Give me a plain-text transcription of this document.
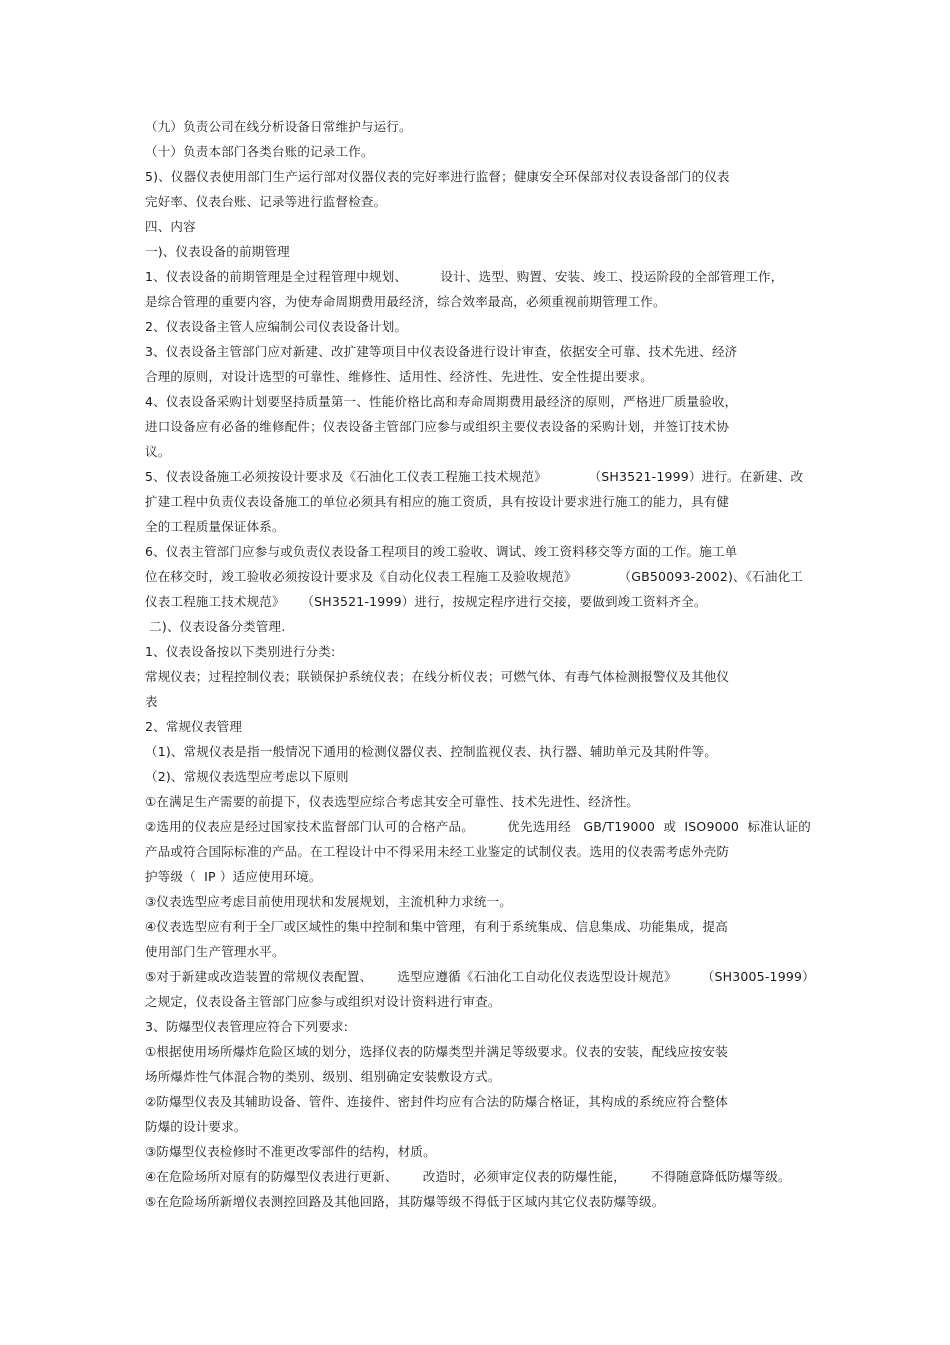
（九）负责公司在线分析设备日常维护与运行。
（十）负责本部门各类台账的记录工作。
5)、仪器仪表使用部门生产运行部对仪器仪表的完好率进行监督；健康安全环保部对仪表设备部门的仪表
完好率、仪表台账、记录等进行监督检查。
四、内容
一)、仪表设备的前期管理
1、仪表设备的前期管理是全过程管理中规划、        设计、选型、购置、安装、竣工、投运阶段的全部管理工作，
是综合管理的重要内容，为使寿命周期费用最经济，综合效率最高，必须重视前期管理工作。
2、仪表设备主管人应编制公司仪表设备计划。
3、仪表设备主管部门应对新建、改扩建等项目中仪表设备进行设计审查，依据安全可靠、技术先进、经济
合理的原则，对设计选型的可靠性、维修性、适用性、经济性、先进性、安全性提出要求。
4、仪表设备采购计划要坚持质量第一、性能价格比高和寿命周期费用最经济的原则，严格进厂质量验收，
进口设备应有必备的维修配件；仪表设备主管部门应参与或组织主要仪表设备的采购计划，并签订技术协
议。
5、仪表设备施工必须按设计要求及《石油化工仪表工程施工技术规范》          （SH3521-1999）进行。在新建、改
扩建工程中负责仪表设备施工的单位必须具有相应的施工资质，具有按设计要求进行施工的能力，具有健
全的工程质量保证体系。
6、仪表主管部门应参与或负责仪表设备工程项目的竣工验收、调试、竣工资料移交等方面的工作。施工单
位在移交时，竣工验收必须按设计要求及《自动化仪表工程施工及验收规范》          （GB50093-2002)、《石油化工
仪表工程施工技术规范》    （SH3521-1999）进行，按规定程序进行交接，要做到竣工资料齐全。
二)、仪表设备分类管理.
1、仪表设备按以下类别进行分类:
常规仪表；过程控制仪表；联锁保护系统仪表；在线分析仪表；可燃气体、有毒气体检测报警仪及其他仪
表
2、常规仪表管理
（1)、常规仪表是指一般情况下通用的检测仪器仪表、控制监视仪表、执行器、辅助单元及其附件等。
（2)、常规仪表选型应考虑以下原则
①在满足生产需要的前提下，仪表选型应综合考虑其安全可靠性、技术先进性、经济性。
②选用的仪表应是经过国家技术监督部门认可的合格产品。        优先选用经   GB/T19000  或  ISO9000  标准认证的
产品或符合国际标准的产品。在工程设计中不得采用未经工业鉴定的试制仪表。选用的仪表需考虑外壳防
护等级（  IP ）适应使用环境。
③仪表选型应考虑目前使用现状和发展规划，主流机种力求统一。
④仪表选型应有利于全厂或区域性的集中控制和集中管理，有利于系统集成、信息集成、功能集成，提高
使用部门生产管理水平。
⑤对于新建或改造装置的常规仪表配置、      选型应遵循《石油化工自动化仪表选型设计规范》      （SH3005-1999）
之规定，仪表设备主管部门应参与或组织对设计资料进行审查。
3、防爆型仪表管理应符合下列要求:
①根据使用场所爆炸危险区域的划分，选择仪表的防爆类型并满足等级要求。仪表的安装，配线应按安装
场所爆炸性气体混合物的类别、级别、组别确定安装敷设方式。
②防爆型仪表及其辅助设备、管件、连接件、密封件均应有合法的防爆合格证，其构成的系统应符合整体
防爆的设计要求。
③防爆型仪表检修时不准更改零部件的结构，材质。
④在危险场所对原有的防爆型仪表进行更新、      改造时，必须审定仪表的防爆性能，      不得随意降低防爆等级。
⑤在危险场所新增仪表测控回路及其他回路，其防爆等级不得低于区域内其它仪表防爆等级。
